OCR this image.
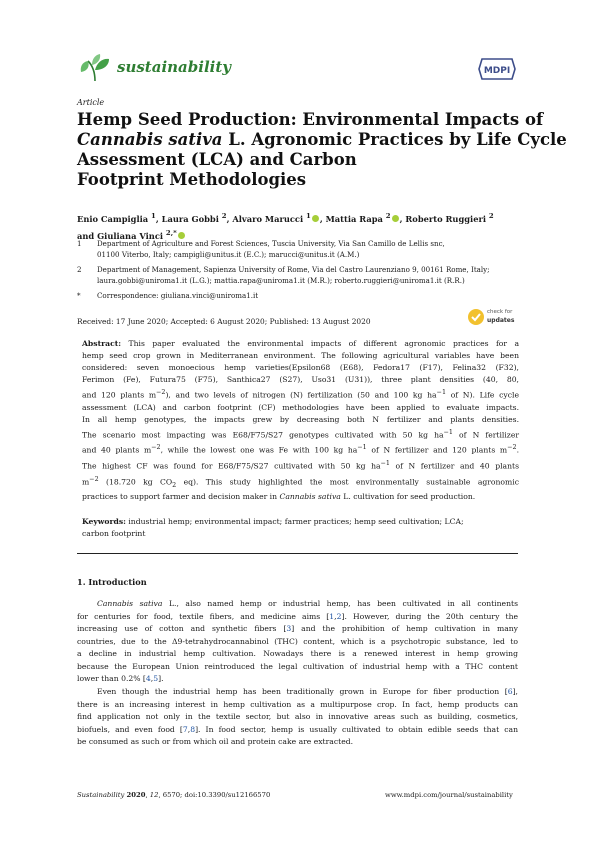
sustainability	MDPI
Article
Hemp Seed Production: Environmental Impacts of
Cannabis sativa L. Agronomic Practices by Life Cycle
Assessment (LCA) and Carbon
Footprint Methodologies
Enio Campiglia $^1$, Laura Gobbi $^2$, Alvaro Marucci $^1$ , Mattia Rapa $^2$ , Roberto Ruggieri $^2$
and Giuliana Vinci $^{2,*}$
1	Department of Agriculture and Forest Sciences, Tuscia University, Via San Camillo de Lellis snc,
01100 Viterbo, Italy; campigli@unitus.it (E.C.); marucci@unitus.it (A.M.)
2	Department of Management, Sapienza University of Rome, Via del Castro Laurenziano 9, 00161 Rome, Italy;
laura.gobbi@uniroma1.it (L.G.); mattia.rapa@uniroma1.it (M.R.); roberto.ruggieri@uniroma1.it (R.R.)
*	Correspondence: giuliana.vinci@uniroma1.it
Received: 17 June 2020; Accepted: 6 August 2020; Published: 13 August 2020
check for
updates
Abstract: This paper evaluated the environmental impacts of different agronomic practices for a
hemp seed crop grown in Mediterranean environment. The following agricultural variables have been
considered: seven monoecious hemp varieties(Epsilon68 (E68), Fedora17 (F17), Felina32 (F32),
Ferimon (Fe), Futura75 (F75), Santhica27 (S27), Uso31 (U31)), three plant densities (40, 80,
and 120 plants $m^{-2}$), and two levels of nitrogen (N) fertilization (50 and 100 kg $ha^{-1}$ of N). Life cycle
assessment (LCA) and carbon footprint (CF) methodologies have been applied to evaluate impacts.
In all hemp genotypes, the impacts grew by decreasing both N fertilizer and plants densities.
The scenario most impacting was E68/F75/S27 genotypes cultivated with 50 kg $ha^{-1}$ of N fertilizer
and 40 plants $m^{-2}$, while the lowest one was Fe with 100 kg $ha^{-1}$ of N fertilizer and 120 plants $m^{-2}$.
The highest CF was found for E68/F75/S27 cultivated with 50 kg $ha^{-1}$ of N fertilizer and 40 plants
$m^{-2}$ (18.720 kg $CO_2$ eq). This study highlighted the most environmentally sustainable agronomic
practices to support farmer and decision maker in Cannabis sativa L. cultivation for seed production.
Keywords: industrial hemp; environmental impact; farmer practices; hemp seed cultivation; LCA;
carbon footprint
1. Introduction
Cannabis sativa L., also named hemp or industrial hemp, has been cultivated in all continents
for centuries for food, textile fibers, and medicine aims [1,2]. However, during the 20th century the
increasing use of cotton and synthetic fibers [3] and the prohibition of hemp cultivation in many
countries, due to the Δ9-tetrahydrocannabinol (THC) content, which is a psychotropic substance, led to
a decline in industrial hemp cultivation. Nowadays there is a renewed interest in hemp growing
because the European Union reintroduced the legal cultivation of industrial hemp with a THC content
lower than 0.2% [4,5].
Even though the industrial hemp has been traditionally grown in Europe for fiber production [6],
there is an increasing interest in hemp cultivation as a multipurpose crop. In fact, hemp products can
find application not only in the textile sector, but also in innovative areas such as building, cosmetics,
biofuels, and even food [7,8]. In food sector, hemp is usually cultivated to obtain edible seeds that can
be consumed as such or from which oil and protein cake are extracted.
Sustainability 2020, 12, 6570; doi:10.3390/su12166570	www.mdpi.com/journal/sustainability
